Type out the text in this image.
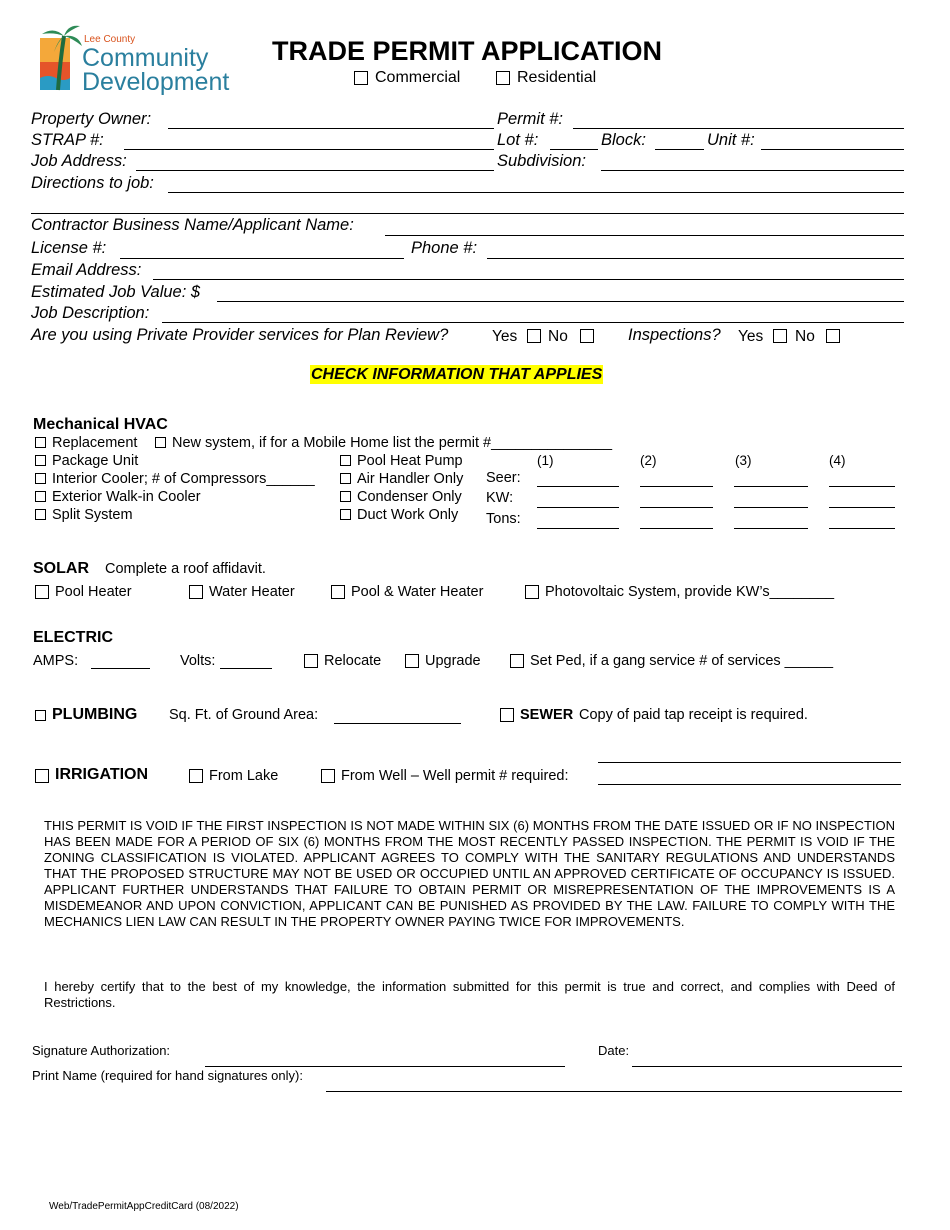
Lee County
Community
Development
TRADE PERMIT APPLICATION
Commercial	Residential
Property Owner:	Permit #:
STRAP #:	Lot #:	Block:	Unit #:
Job Address:	Subdivision:
Directions to job:
Contractor Business Name/Applicant Name:
License #:	Phone #:
Email Address:
Estimated Job Value: $
Job Description:
Are you using Private Provider services for Plan Review?	Yes No	Inspections? Yes No
CHECK INFORMATION THAT APPLIES
Mechanical HVAC
Replacement New system, if for a Mobile Home list the permit #_______________
Package Unit
Interior Cooler; # of Compressors______
Exterior Walk-in Cooler
Split System
Pool Heat Pump
Air Handler Only
Condenser Only
Duct Work Only
(1)	(2)	(3)	(4)
Seer:
KW:
Tons:
SOLAR Complete a roof affidavit.
Pool Heater	Water Heater	Pool & Water Heater	Photovoltaic System, provide KW’s________
ELECTRIC
AMPS:	Volts:	Relocate	Upgrade	Set Ped, if a gang service # of services ______
PLUMBING Sq. Ft. of Ground Area:	SEWER Copy of paid tap receipt is required.
IRRIGATION	From Lake	From Well – Well permit # required:
THIS PERMIT IS VOID IF THE FIRST INSPECTION IS NOT MADE WITHIN SIX (6) MONTHS FROM THE DATE ISSUED OR IF NO INSPECTION HAS BEEN MADE FOR A PERIOD OF SIX (6) MONTHS FROM THE MOST RECENTLY PASSED INSPECTION. THE PERMIT IS VOID IF THE ZONING CLASSIFICATION IS VIOLATED. APPLICANT AGREES TO COMPLY WITH THE SANITARY REGULATIONS AND UNDERSTANDS THAT THE PROPOSED STRUCTURE MAY NOT BE USED OR OCCUPIED UNTIL AN APPROVED CERTIFICATE OF OCCUPANCY IS ISSUED. APPLICANT FURTHER UNDERSTANDS THAT FAILURE TO OBTAIN PERMIT OR MISREPRESENTATION OF THE IMPROVEMENTS IS A MISDEMEANOR AND UPON CONVICTION, APPLICANT CAN BE PUNISHED AS PROVIDED BY THE LAW. FAILURE TO COMPLY WITH THE MECHANICS LIEN LAW CAN RESULT IN THE PROPERTY OWNER PAYING TWICE FOR IMPROVEMENTS.
I hereby certify that to the best of my knowledge, the information submitted for this permit is true and correct, and complies with Deed of Restrictions.
Signature Authorization:	Date:
Print Name (required for hand signatures only):
Web/TradePermitAppCreditCard (08/2022)
